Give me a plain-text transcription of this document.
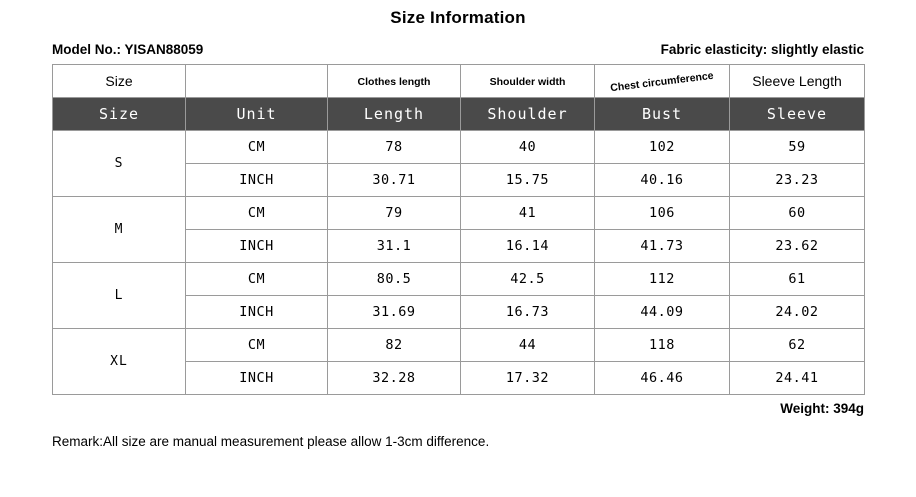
Size Information
Model No.: YISAN88059	Fabric elasticity: slightly elastic
Size		Clothes length	Shoulder width	Chest circumference	Sleeve Length
Size	Unit	Length	Shoulder	Bust	Sleeve
S	CM	78	40	102	59
	INCH	30.71	15.75	40.16	23.23
M	CM	79	41	106	60
	INCH	31.1	16.14	41.73	23.62
L	CM	80.5	42.5	112	61
	INCH	31.69	16.73	44.09	24.02
XL	CM	82	44	118	62
	INCH	32.28	17.32	46.46	24.41
Weight: 394g
Remark:All size are manual measurement please allow 1-3cm difference.
